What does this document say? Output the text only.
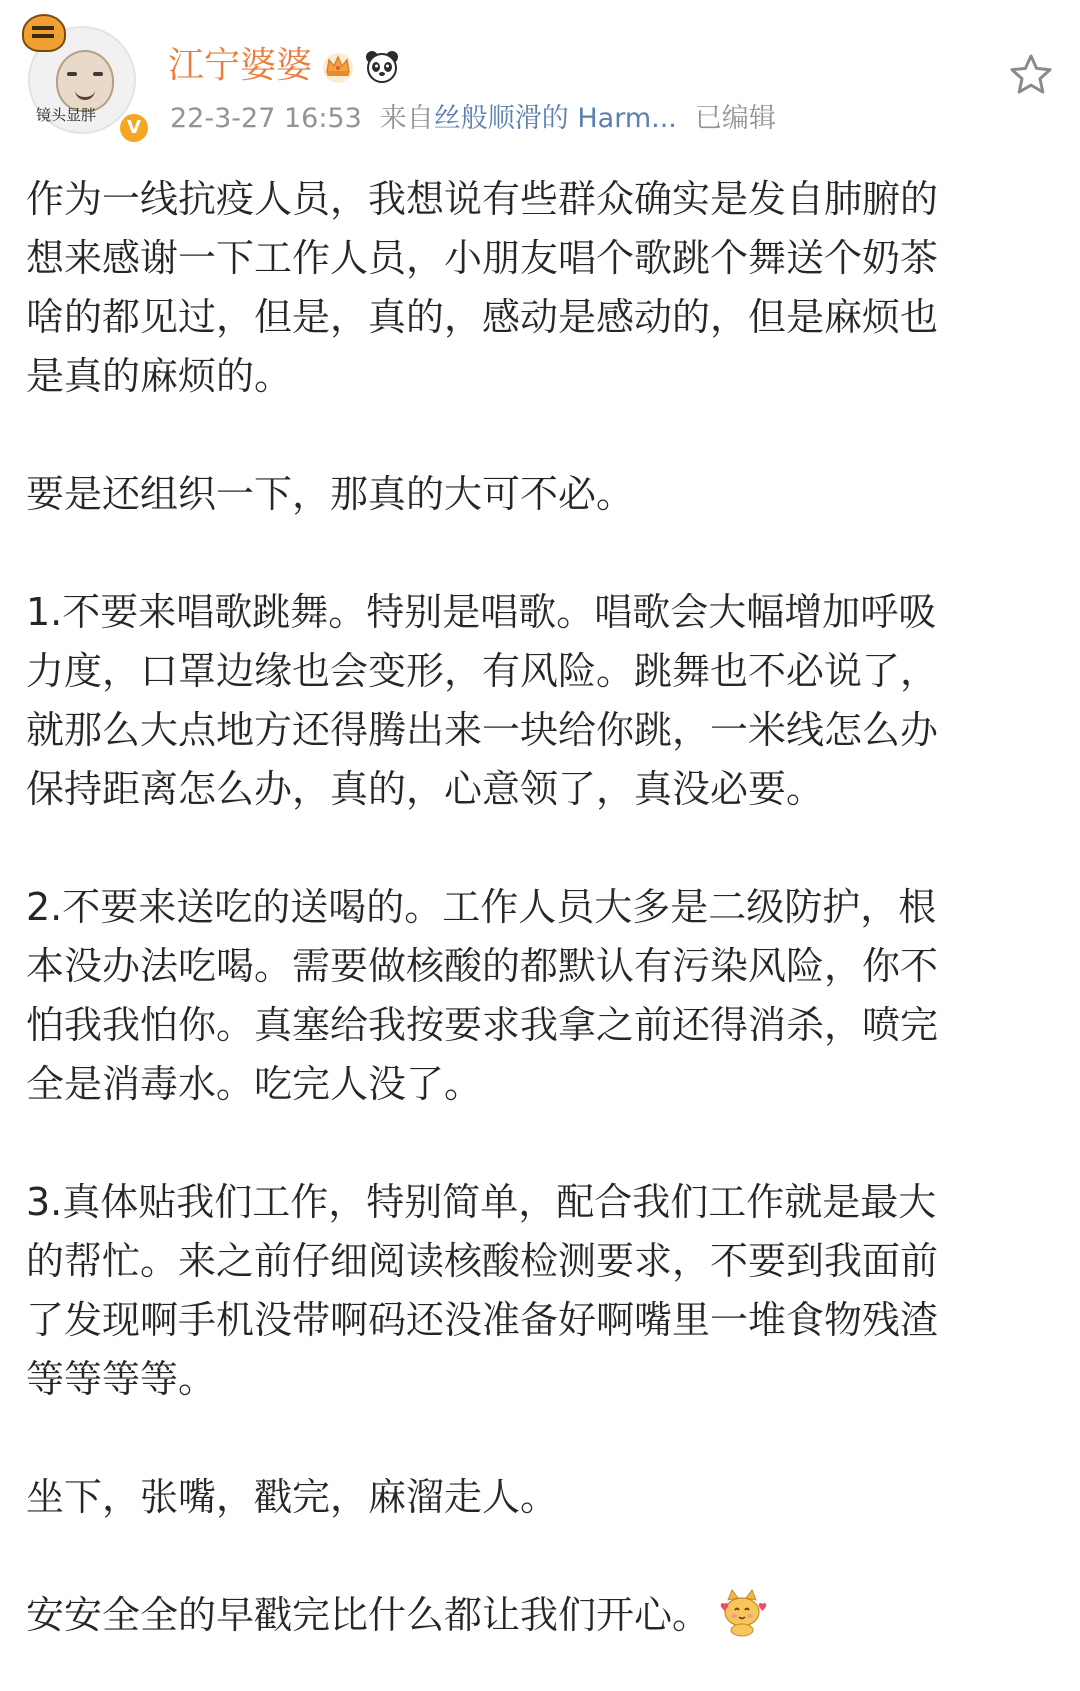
镜头显胖
V
江宁婆婆
22-3-27 16:53 来自 丝般顺滑的 Harm... 已编辑

作为一线抗疫人员，我想说有些群众确实是发自肺腑的

想来感谢一下工作人员，小朋友唱个歌跳个舞送个奶茶

啥的都见过，但是，真的，感动是感动的，但是麻烦也

是真的麻烦的。

要是还组织一下，那真的大可不必。

1.不要来唱歌跳舞。特别是唱歌。唱歌会大幅增加呼吸

力度，口罩边缘也会变形，有风险。跳舞也不必说了，

就那么大点地方还得腾出来一块给你跳，一米线怎么办

保持距离怎么办，真的，心意领了，真没必要。

2.不要来送吃的送喝的。工作人员大多是二级防护，根

本没办法吃喝。需要做核酸的都默认有污染风险，你不

怕我我怕你。真塞给我按要求我拿之前还得消杀，喷完

全是消毒水。吃完人没了。

3.真体贴我们工作，特别简单，配合我们工作就是最大

的帮忙。来之前仔细阅读核酸检测要求，不要到我面前

了发现啊手机没带啊码还没准备好啊嘴里一堆食物残渣

等等等等。

坐下，张嘴，戳完，麻溜走人。

安安全全的早戳完比什么都让我们开心。
